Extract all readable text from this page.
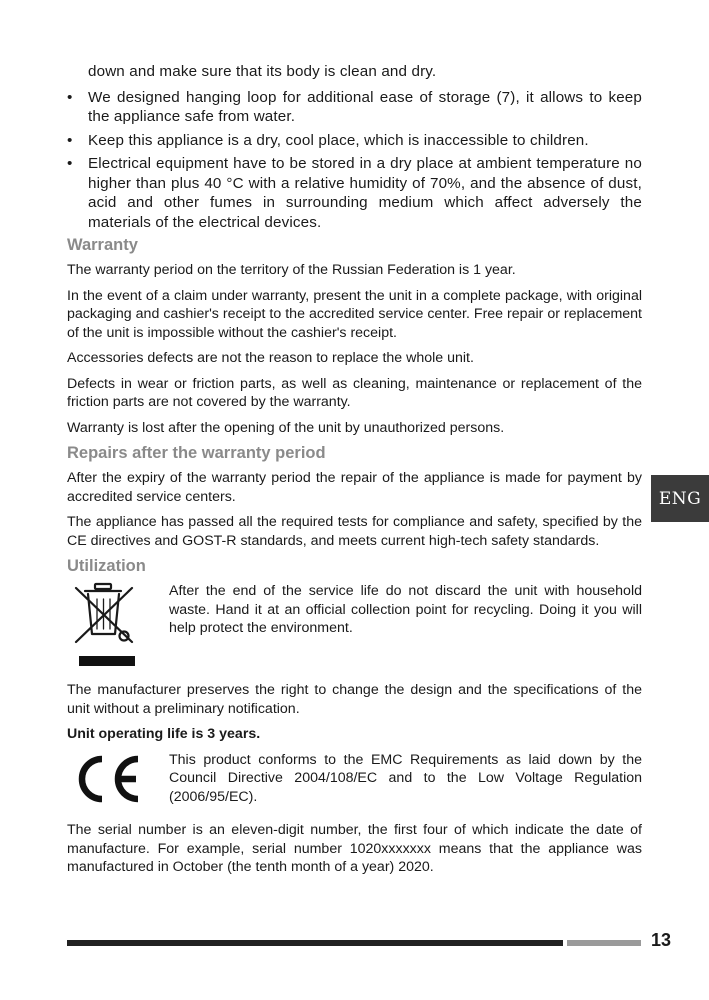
down and make sure that its body is clean and dry.
• We designed hanging loop for additional ease of storage (7), it allows to keep the appliance safe from water.
• Keep this appliance is a dry, cool place, which is inaccessible to children.
• Electrical equipment have to be stored in a dry place at ambient temperature no higher than plus 40 °C with a relative humidity of 70%, and the absence of dust, acid and other fumes in surrounding medium which affect adversely the materials of the electrical devices.
Warranty

The warranty period on the territory of the Russian Federation is 1 year.

In the event of a claim under warranty, present the unit in a complete package, with original packaging and cashier's receipt to the accredited service center. Free repair or replacement of the unit is impossible without the cashier's receipt.

Accessories defects are not the reason to replace the whole unit.

Defects in wear or friction parts, as well as cleaning, maintenance or replacement of the friction parts are not covered by the warranty.

Warranty is lost after the opening of the unit by unauthorized persons.

Repairs after the warranty period

After the expiry of the warranty period the repair of the appliance is made for payment by accredited service centers.

The appliance has passed all the required tests for compliance and safety, specified by the CE directives and GOST-R standards, and meets current high-tech safety standards.

Utilization

After the end of the service life do not discard the unit with household waste. Hand it at an official collection point for recycling. Doing it you will help protect the environment.

The manufacturer preserves the right to change the design and the specifications of the unit without a preliminary notification.

Unit operating life is 3 years.

This product conforms to the EMC Requirements as laid down by the Council Directive 2004/108/EC and to the Low Voltage Regulation (2006/95/EC).

The serial number is an eleven-digit number, the first four of which indicate the date of manufacture. For example, serial number 1020xxxxxxx means that the appliance was manufactured in October (the tenth month of a year) 2020.

ENG
13
